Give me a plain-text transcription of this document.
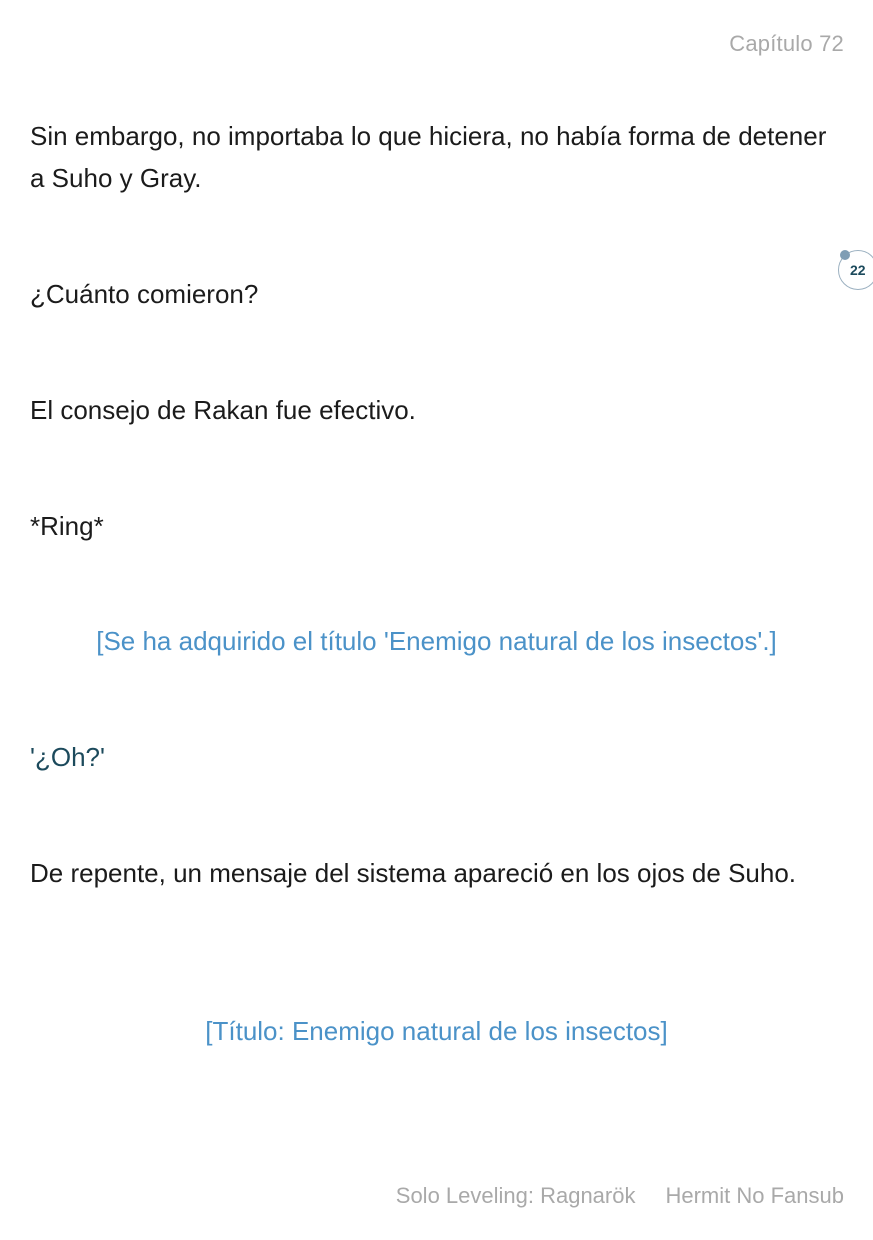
Capítulo 72

Sin embargo, no importaba lo que hiciera, no había forma de detener a Suho y Gray.

¿Cuánto comieron?

El consejo de Rakan fue efectivo.

*Ring*

[Se ha adquirido el título 'Enemigo natural de los insectos'.]

'¿Oh?'

De repente, un mensaje del sistema apareció en los ojos de Suho.

[Título: Enemigo natural de los insectos]

22
Solo Leveling: Ragnarök Hermit No Fansub
